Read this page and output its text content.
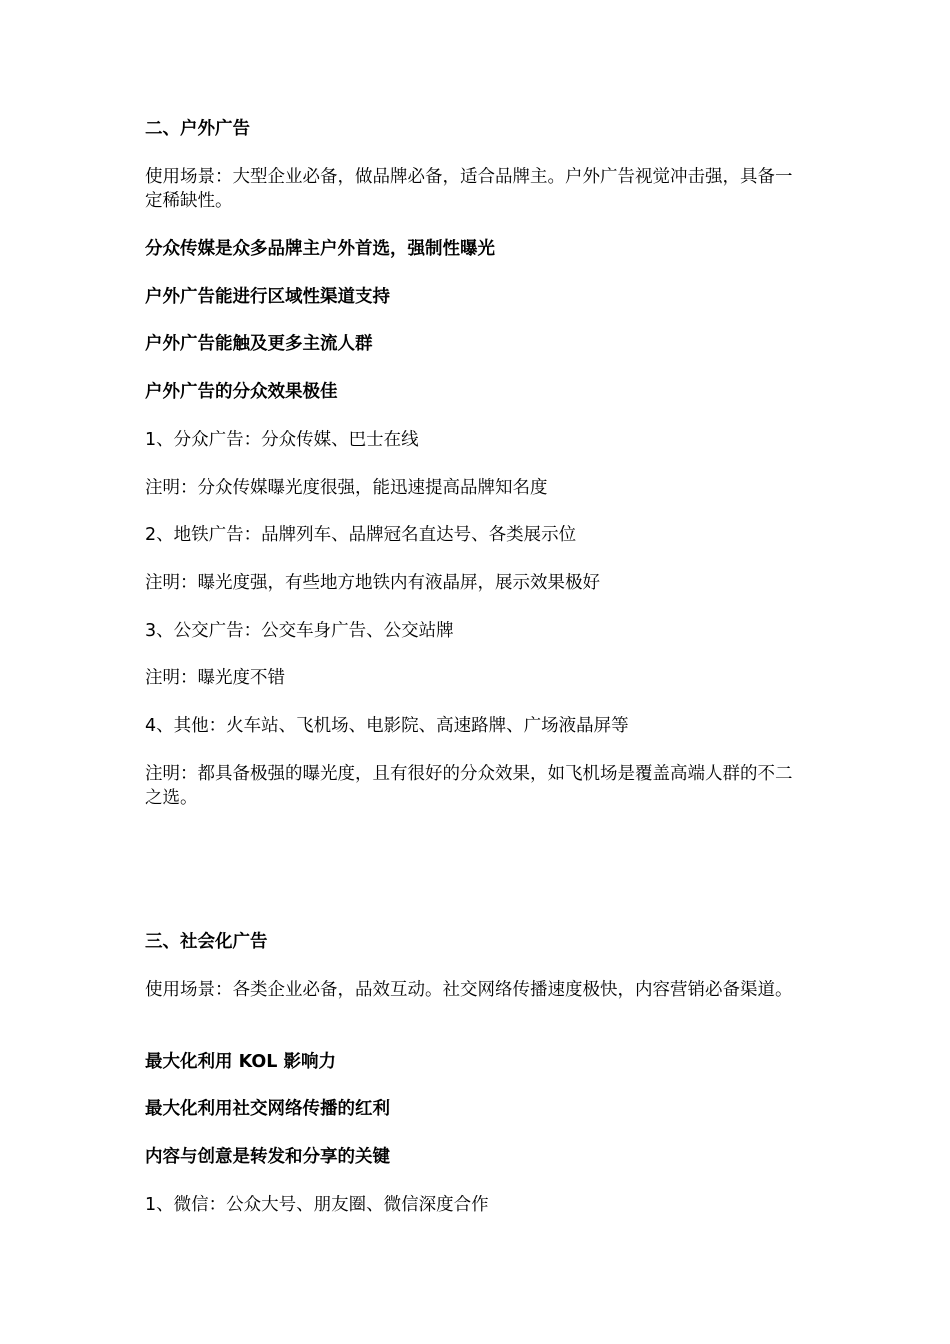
二、户外广告

使用场景：大型企业必备，做品牌必备，适合品牌主。户外广告视觉冲击强，具备一定稀缺性。

分众传媒是众多品牌主户外首选，强制性曝光

户外广告能进行区域性渠道支持

户外广告能触及更多主流人群

户外广告的分众效果极佳

1、分众广告：分众传媒、巴士在线

注明：分众传媒曝光度很强，能迅速提高品牌知名度

2、地铁广告：品牌列车、品牌冠名直达号、各类展示位

注明：曝光度强，有些地方地铁内有液晶屏，展示效果极好

3、公交广告：公交车身广告、公交站牌

注明：曝光度不错

4、其他：火车站、飞机场、电影院、高速路牌、广场液晶屏等

注明：都具备极强的曝光度，且有很好的分众效果，如飞机场是覆盖高端人群的不二之选。

三、社会化广告

使用场景：各类企业必备，品效互动。社交网络传播速度极快，内容营销必备渠道。

最大化利用 KOL 影响力

最大化利用社交网络传播的红利

内容与创意是转发和分享的关键

1、微信：公众大号、朋友圈、微信深度合作
